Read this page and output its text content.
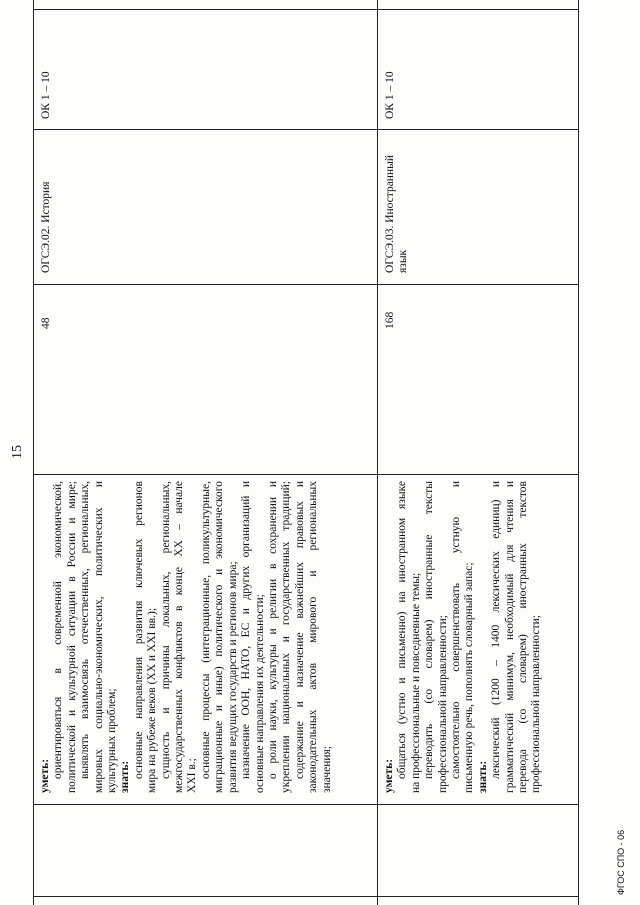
уметь: ориентироваться в современной экономической, политической и культурной ситуации в России и мире; выявлять взаимосвязь отечественных, региональных, мировых социально-экономических, политических и культурных проблем; знать: основные направления развития ключевых регионов мира на рубеже веков (XX и XXI вв.); сущность и причины локальных, региональных, межгосударственных конфликтов в конце XX – начале XXI в.; основные процессы (интеграционные, поликультурные, миграционные и иные) политического и экономического развития ведущих государств и регионов мира; назначение ООН, НАТО, ЕС и других организаций и основные направления их деятельности; о роли науки, культуры и религии в сохранении и укреплении национальных и государственных традиций; содержание и назначение важнейших правовых и законодательных актов мирового и региональных значения;
48
ОГСЭ.02. История
ОК 1 – 10
уметь: общаться (устно и письменно) на иностранном языке на профессиональные и повседневные темы; переводить (со словарем) иностранные тексты профессиональной направленности; самостоятельно совершенствовать устную и письменную речь, пополнять словарный запас; знать: лексический (1200 – 1400 лексических единиц) и грамматический минимум, необходимый для чтения и перевода (со словарем) иностранных текстов профессиональной направленности;
168
ОГСЭ.03. Иностранный язык
ОК 1 – 10
15
ФГОС СПО - 06
